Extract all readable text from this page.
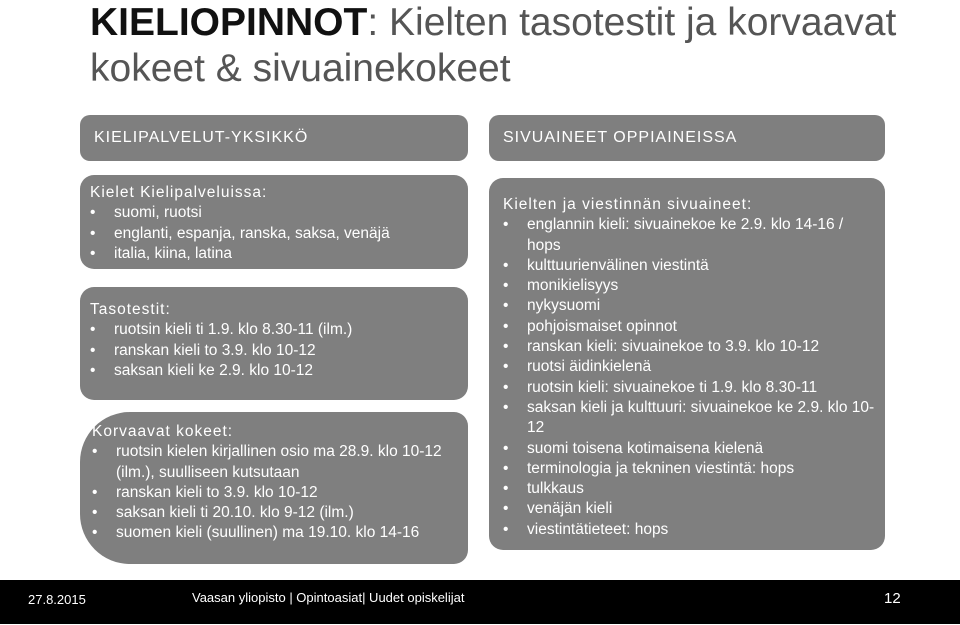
KIELIOPINNOT: Kielten tasotestit ja korvaavat kokeet & sivuainekokeet
KIELIPALVELUT-YKSIKKÖ	SIVUAINEET OPPIAINEISSA
Kielet Kielipalveluissa:
• suomi, ruotsi
• englanti, espanja, ranska, saksa, venäjä
• italia, kiina, latina
Tasotestit:
• ruotsin kieli ti 1.9. klo 8.30-11 (ilm.)
• ranskan kieli to 3.9. klo 10-12
• saksan kieli ke 2.9. klo 10-12
Korvaavat kokeet:
• ruotsin kielen kirjallinen osio ma 28.9. klo 10-12 (ilm.), suulliseen kutsutaan
• ranskan kieli to 3.9. klo 10-12
• saksan kieli ti 20.10. klo 9-12 (ilm.)
• suomen kieli (suullinen) ma 19.10. klo 14-16
Kielten ja viestinnän sivuaineet:
• englannin kieli: sivuainekoe ke 2.9. klo 14-16 / hops
• kulttuurienvälinen viestintä
• monikielisyys
• nykysuomi
• pohjoismaiset opinnot
• ranskan kieli: sivuainekoe to 3.9. klo 10-12
• ruotsi äidinkielenä
• ruotsin kieli: sivuainekoe ti 1.9. klo 8.30-11
• saksan kieli ja kulttuuri: sivuainekoe ke 2.9. klo 10-12
• suomi toisena kotimaisena kielenä
• terminologia ja tekninen viestintä: hops
• tulkkaus
• venäjän kieli
• viestintätieteet: hops
27.8.2015	Vaasan yliopisto | Opintoasiat| Uudet opiskelijat	12
